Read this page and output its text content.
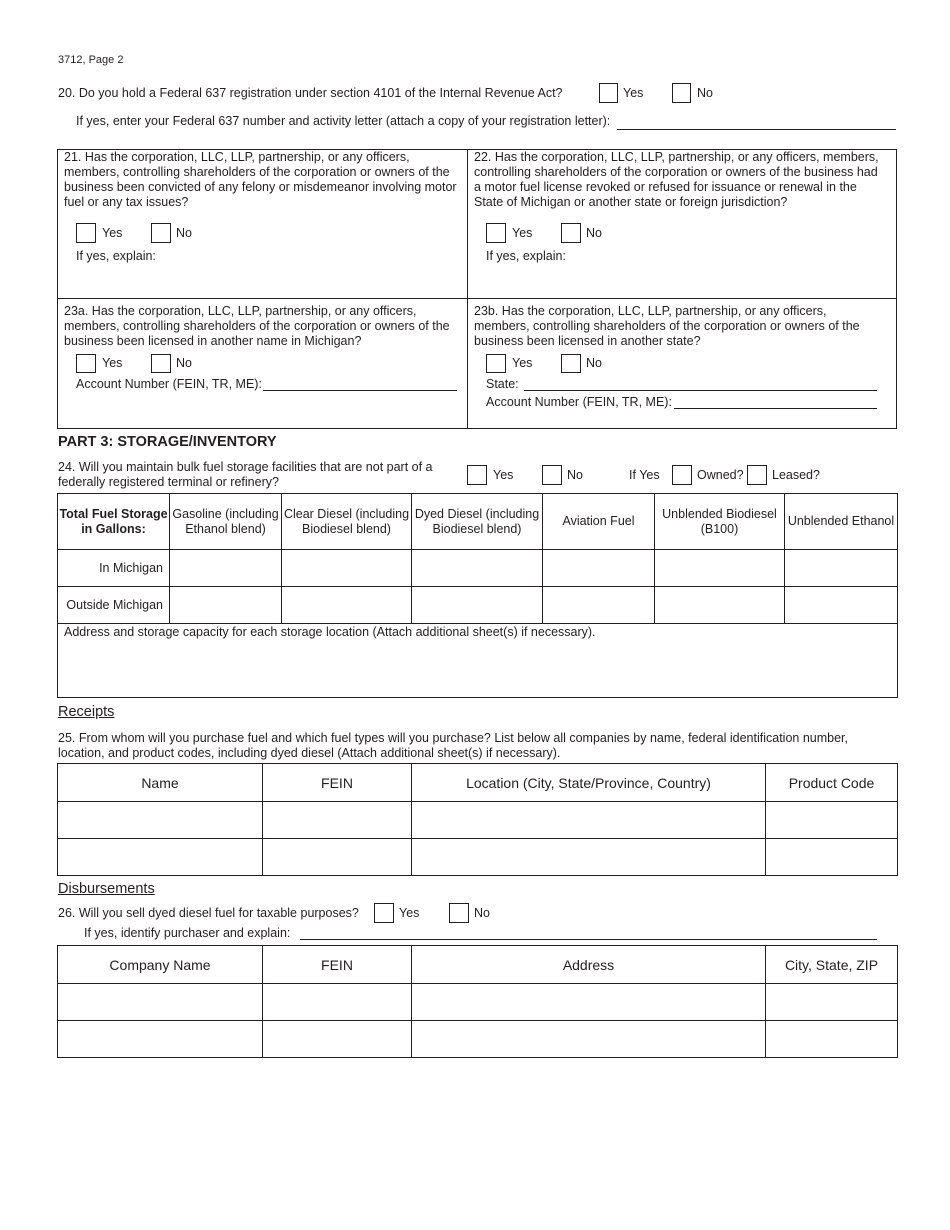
3712, Page 2
20. Do you hold a Federal 637 registration under section 4101 of the Internal Revenue Act?	Yes	No
If yes, enter your Federal 637 number and activity letter (attach a copy of your registration letter):
21. Has the corporation, LLC, LLP, partnership, or any officers, members, controlling shareholders of the corporation or owners of the business been convicted of any felony or misdemeanor involving motor fuel or any tax issues?
Yes	No
If yes, explain:
22. Has the corporation, LLC, LLP, partnership, or any officers, members, controlling shareholders of the corporation or owners of the business had a motor fuel license revoked or refused for issuance or renewal in the State of Michigan or another state or foreign jurisdiction?
Yes	No
If yes, explain:
23a. Has the corporation, LLC, LLP, partnership, or any officers, members, controlling shareholders of the corporation or owners of the business been licensed in another name in Michigan?
Yes	No
Account Number (FEIN, TR, ME):
23b. Has the corporation, LLC, LLP, partnership, or any officers, members, controlling shareholders of the corporation or owners of the business been licensed in another state?
Yes	No
State:
Account Number (FEIN, TR, ME):
PART 3: STORAGE/INVENTORY
24. Will you maintain bulk fuel storage facilities that are not part of a federally registered terminal or refinery?	Yes	No	If Yes	Owned? Leased?
Total Fuel Storage in Gallons:	Gasoline (including Ethanol blend)	Clear Diesel (including Biodiesel blend)	Dyed Diesel (including Biodiesel blend)	Aviation Fuel	Unblended Biodiesel (B100)	Unblended Ethanol
In Michigan						
Outside Michigan						
Address and storage capacity for each storage location (Attach additional sheet(s) if necessary).						
Receipts
25. From whom will you purchase fuel and which fuel types will you purchase? List below all companies by name, federal identification number, location, and product codes, including dyed diesel (Attach additional sheet(s) if necessary).
Name	FEIN	Location (City, State/Province, Country)	Product Code

Disbursements
26. Will you sell dyed diesel fuel for taxable purposes?	Yes	No
If yes, identify purchaser and explain:
Company Name	FEIN	Address	City, State, ZIP
